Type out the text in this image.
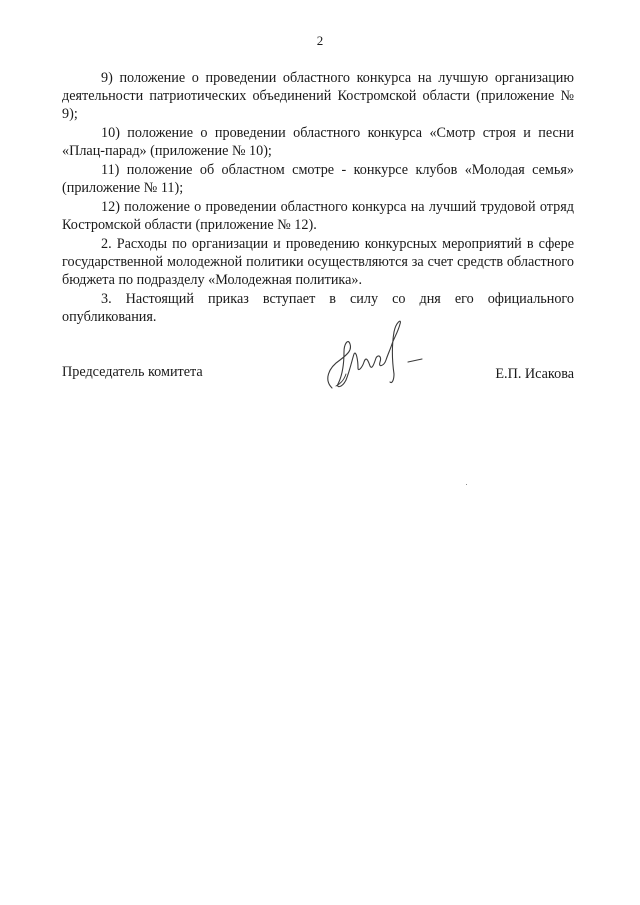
2

9) положение о проведении областного конкурса на лучшую организацию деятельности патриотических объединений Костромской области (приложение № 9);

10) положение о проведении областного конкурса «Смотр строя и песни «Плац-парад» (приложение № 10);

11) положение об областном смотре - конкурсе клубов «Молодая семья» (приложение № 11);

12) положение о проведении областного конкурса на лучший трудовой отряд Костромской области (приложение № 12).

2. Расходы по организации и проведению конкурсных мероприятий в сфере государственной молодежной политики осуществляются за счет средств областного бюджета по подразделу «Молодежная политика».

3. Настоящий приказ вступает в силу со дня его официального опубликования.

Председатель комитета	Е.П. Исакова
